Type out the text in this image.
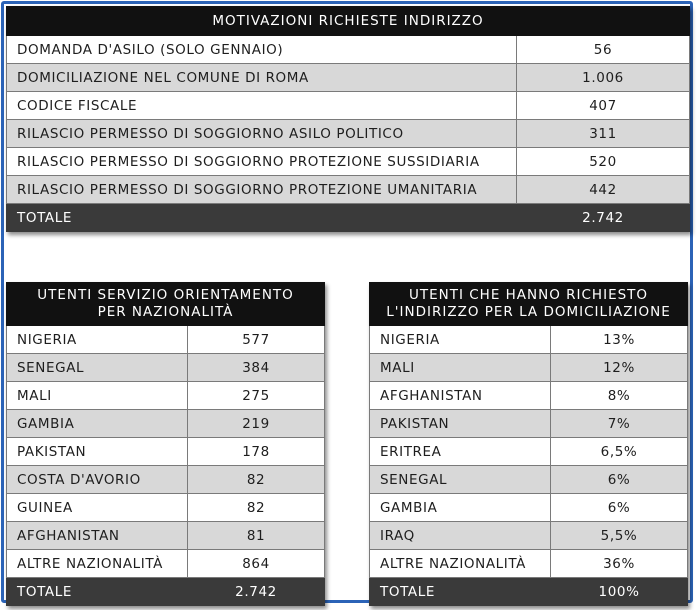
MOTIVAZIONI RICHIESTE INDIRIZZO	
DOMANDA D'ASILO (SOLO GENNAIO)	56
DOMICILIAZIONE NEL COMUNE DI ROMA	1.006
CODICE FISCALE	407
RILASCIO PERMESSO DI SOGGIORNO ASILO POLITICO	311
RILASCIO PERMESSO DI SOGGIORNO PROTEZIONE SUSSIDIARIA	520
RILASCIO PERMESSO DI SOGGIORNO PROTEZIONE UMANITARIA	442
TOTALE	2.742
UTENTI SERVIZIO ORIENTAMENTO
PER NAZIONALITÀ	
NIGERIA	577
SENEGAL	384
MALI	275
GAMBIA	219
PAKISTAN	178
COSTA D'AVORIO	82
GUINEA	82
AFGHANISTAN	81
ALTRE NAZIONALITÀ	864
TOTALE	2.742
UTENTI CHE HANNO RICHIESTO
L'INDIRIZZO PER LA DOMICILIAZIONE	
NIGERIA	13%
MALI	12%
AFGHANISTAN	8%
PAKISTAN	7%
ERITREA	6,5%
SENEGAL	6%
GAMBIA	6%
IRAQ	5,5%
ALTRE NAZIONALITÀ	36%
TOTALE	100%
